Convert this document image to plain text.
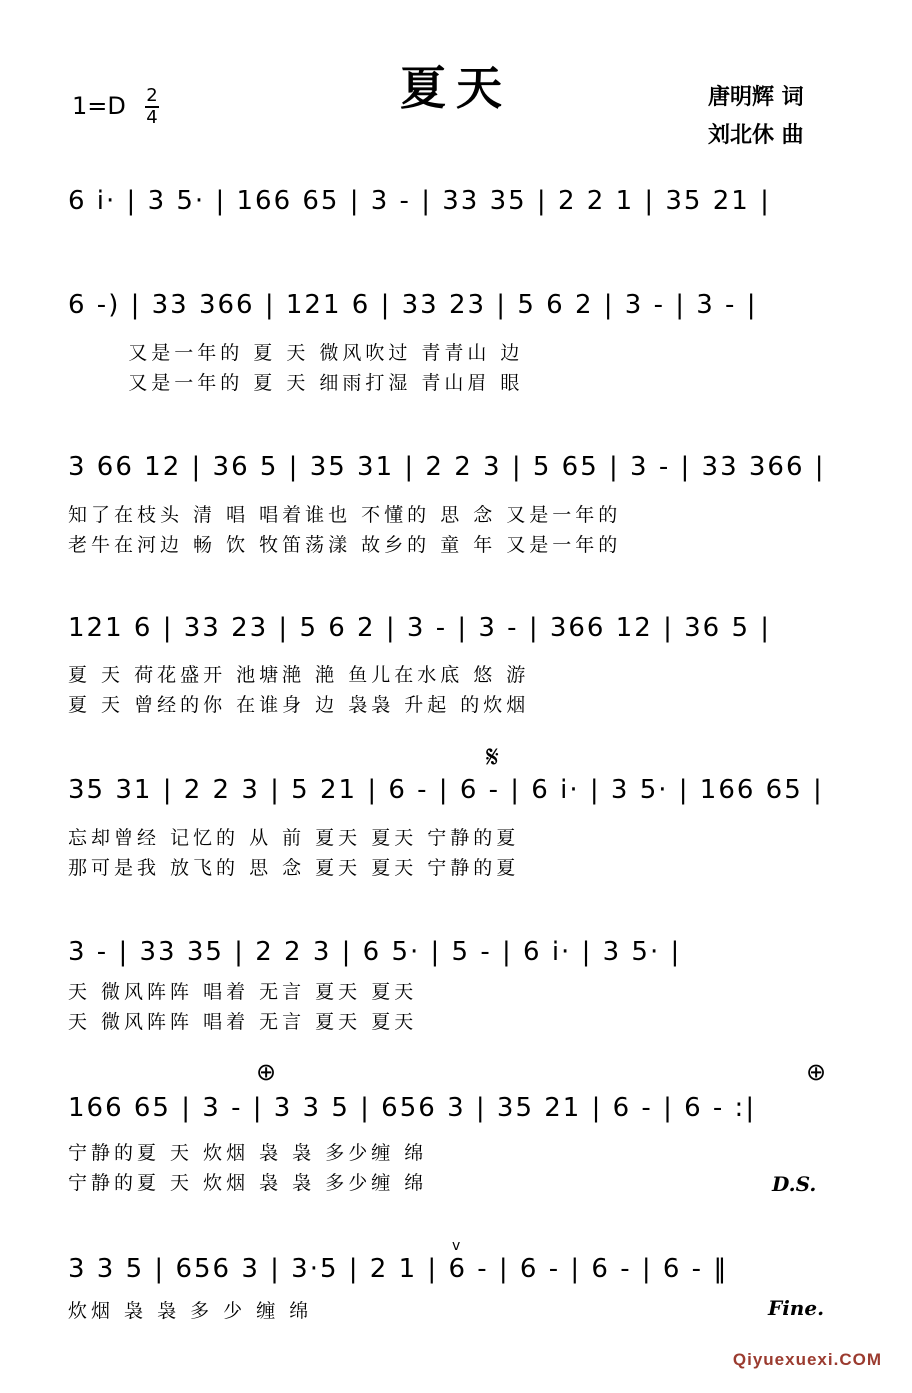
夏天
1=D 2
4
唐明辉 词
刘北休 曲
6 i· | 3 5· | 166 65 | 3 - | 33 35 | 2 2 1 | 35 21 |
6 -) | 33 366 | 121 6 | 33 23 | 5 6 2 | 3 - | 3 - |
又是一年的 夏 天 微风吹过 青青山 边
又是一年的 夏 天 细雨打湿 青山眉 眼
3 66 12 | 36 5 | 35 31 | 2 2 3 | 5 65 | 3 - | 33 366 |
知了在枝头 清 唱 唱着谁也 不懂的 思 念 又是一年的
老牛在河边 畅 饮 牧笛荡漾 故乡的 童 年 又是一年的
121 6 | 33 23 | 5 6 2 | 3 - | 3 - | 366 12 | 36 5 |
夏 天 荷花盛开 池塘滟 滟 鱼儿在水底 悠 游
夏 天 曾经的你 在谁身 边 袅袅 升起 的炊烟
𝄋
35 31 | 2 2 3 | 5 21 | 6 - | 6 - | 6 i· | 3 5· | 166 65 |
忘却曾经 记忆的 从 前 夏天 夏天 宁静的夏
那可是我 放飞的 思 念 夏天 夏天 宁静的夏
3 - | 33 35 | 2 2 3 | 6 5· | 5 - | 6 i· | 3 5· |
天 微风阵阵 唱着 无言 夏天 夏天
天 微风阵阵 唱着 无言 夏天 夏天
⊕	⊕
166 65 | 3 - | 3 3 5 | 656 3 | 35 21 | 6 - | 6 - :|
宁静的夏 天 炊烟 袅 袅 多少缠 绵
宁静的夏 天 炊烟 袅 袅 多少缠 绵	D.S.
v
3 3 5 | 656 3 | 3·5 | 2 1 | 6 - | 6 - | 6 - | 6 - ‖
炊烟 袅 袅 多 少 缠 绵	Fine.
Qiyuexuexi.COM
